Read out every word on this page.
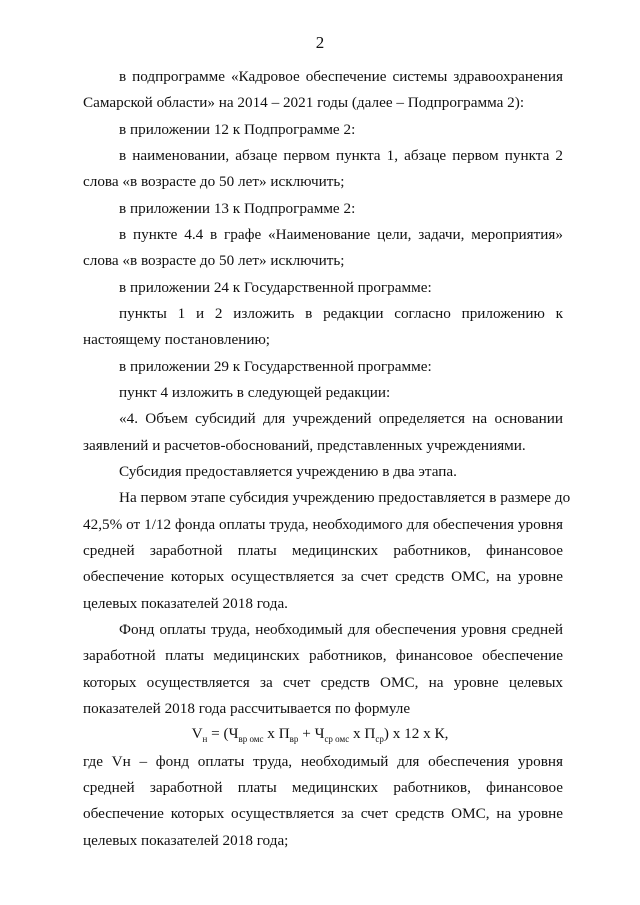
2
в подпрограмме «Кадровое обеспечение системы здравоохранения
Самарской области» на 2014 – 2021 годы (далее – Подпрограмма 2):
в приложении 12 к Подпрограмме 2:
в наименовании, абзаце первом пункта 1, абзаце первом пункта 2
слова «в возрасте до 50 лет» исключить;
в приложении 13 к Подпрограмме 2:
в пункте 4.4 в графе «Наименование цели, задачи, мероприятия»
слова «в возрасте до 50 лет» исключить;
в приложении 24 к Государственной программе:
пункты 1 и 2 изложить в редакции согласно приложению к
настоящему постановлению;
в приложении 29 к Государственной программе:
пункт 4 изложить в следующей редакции:
«4. Объем субсидий для учреждений определяется на основании
заявлений и расчетов-обоснований, представленных учреждениями.
Субсидия предоставляется учреждению в два этапа.
На первом этапе субсидия учреждению предоставляется в размере до
42,5% от 1/12 фонда оплаты труда, необходимого для обеспечения уровня
средней заработной платы медицинских работников, финансовое
обеспечение которых осуществляется за счет средств ОМС, на уровне
целевых показателей 2018 года.
Фонд оплаты труда, необходимый для обеспечения уровня средней
заработной платы медицинских работников, финансовое обеспечение
которых осуществляется за счет средств ОМС, на уровне целевых
показателей 2018 года рассчитывается по формуле
$V_н = (Ч_{вр омс}$ x $П_{вр} + Ч_{ср омс}$ x $П_{ср}$) x 12 x К,
где Vн – фонд оплаты труда, необходимый для обеспечения уровня
средней заработной платы медицинских работников, финансовое
обеспечение которых осуществляется за счет средств ОМС, на уровне
целевых показателей 2018 года;
